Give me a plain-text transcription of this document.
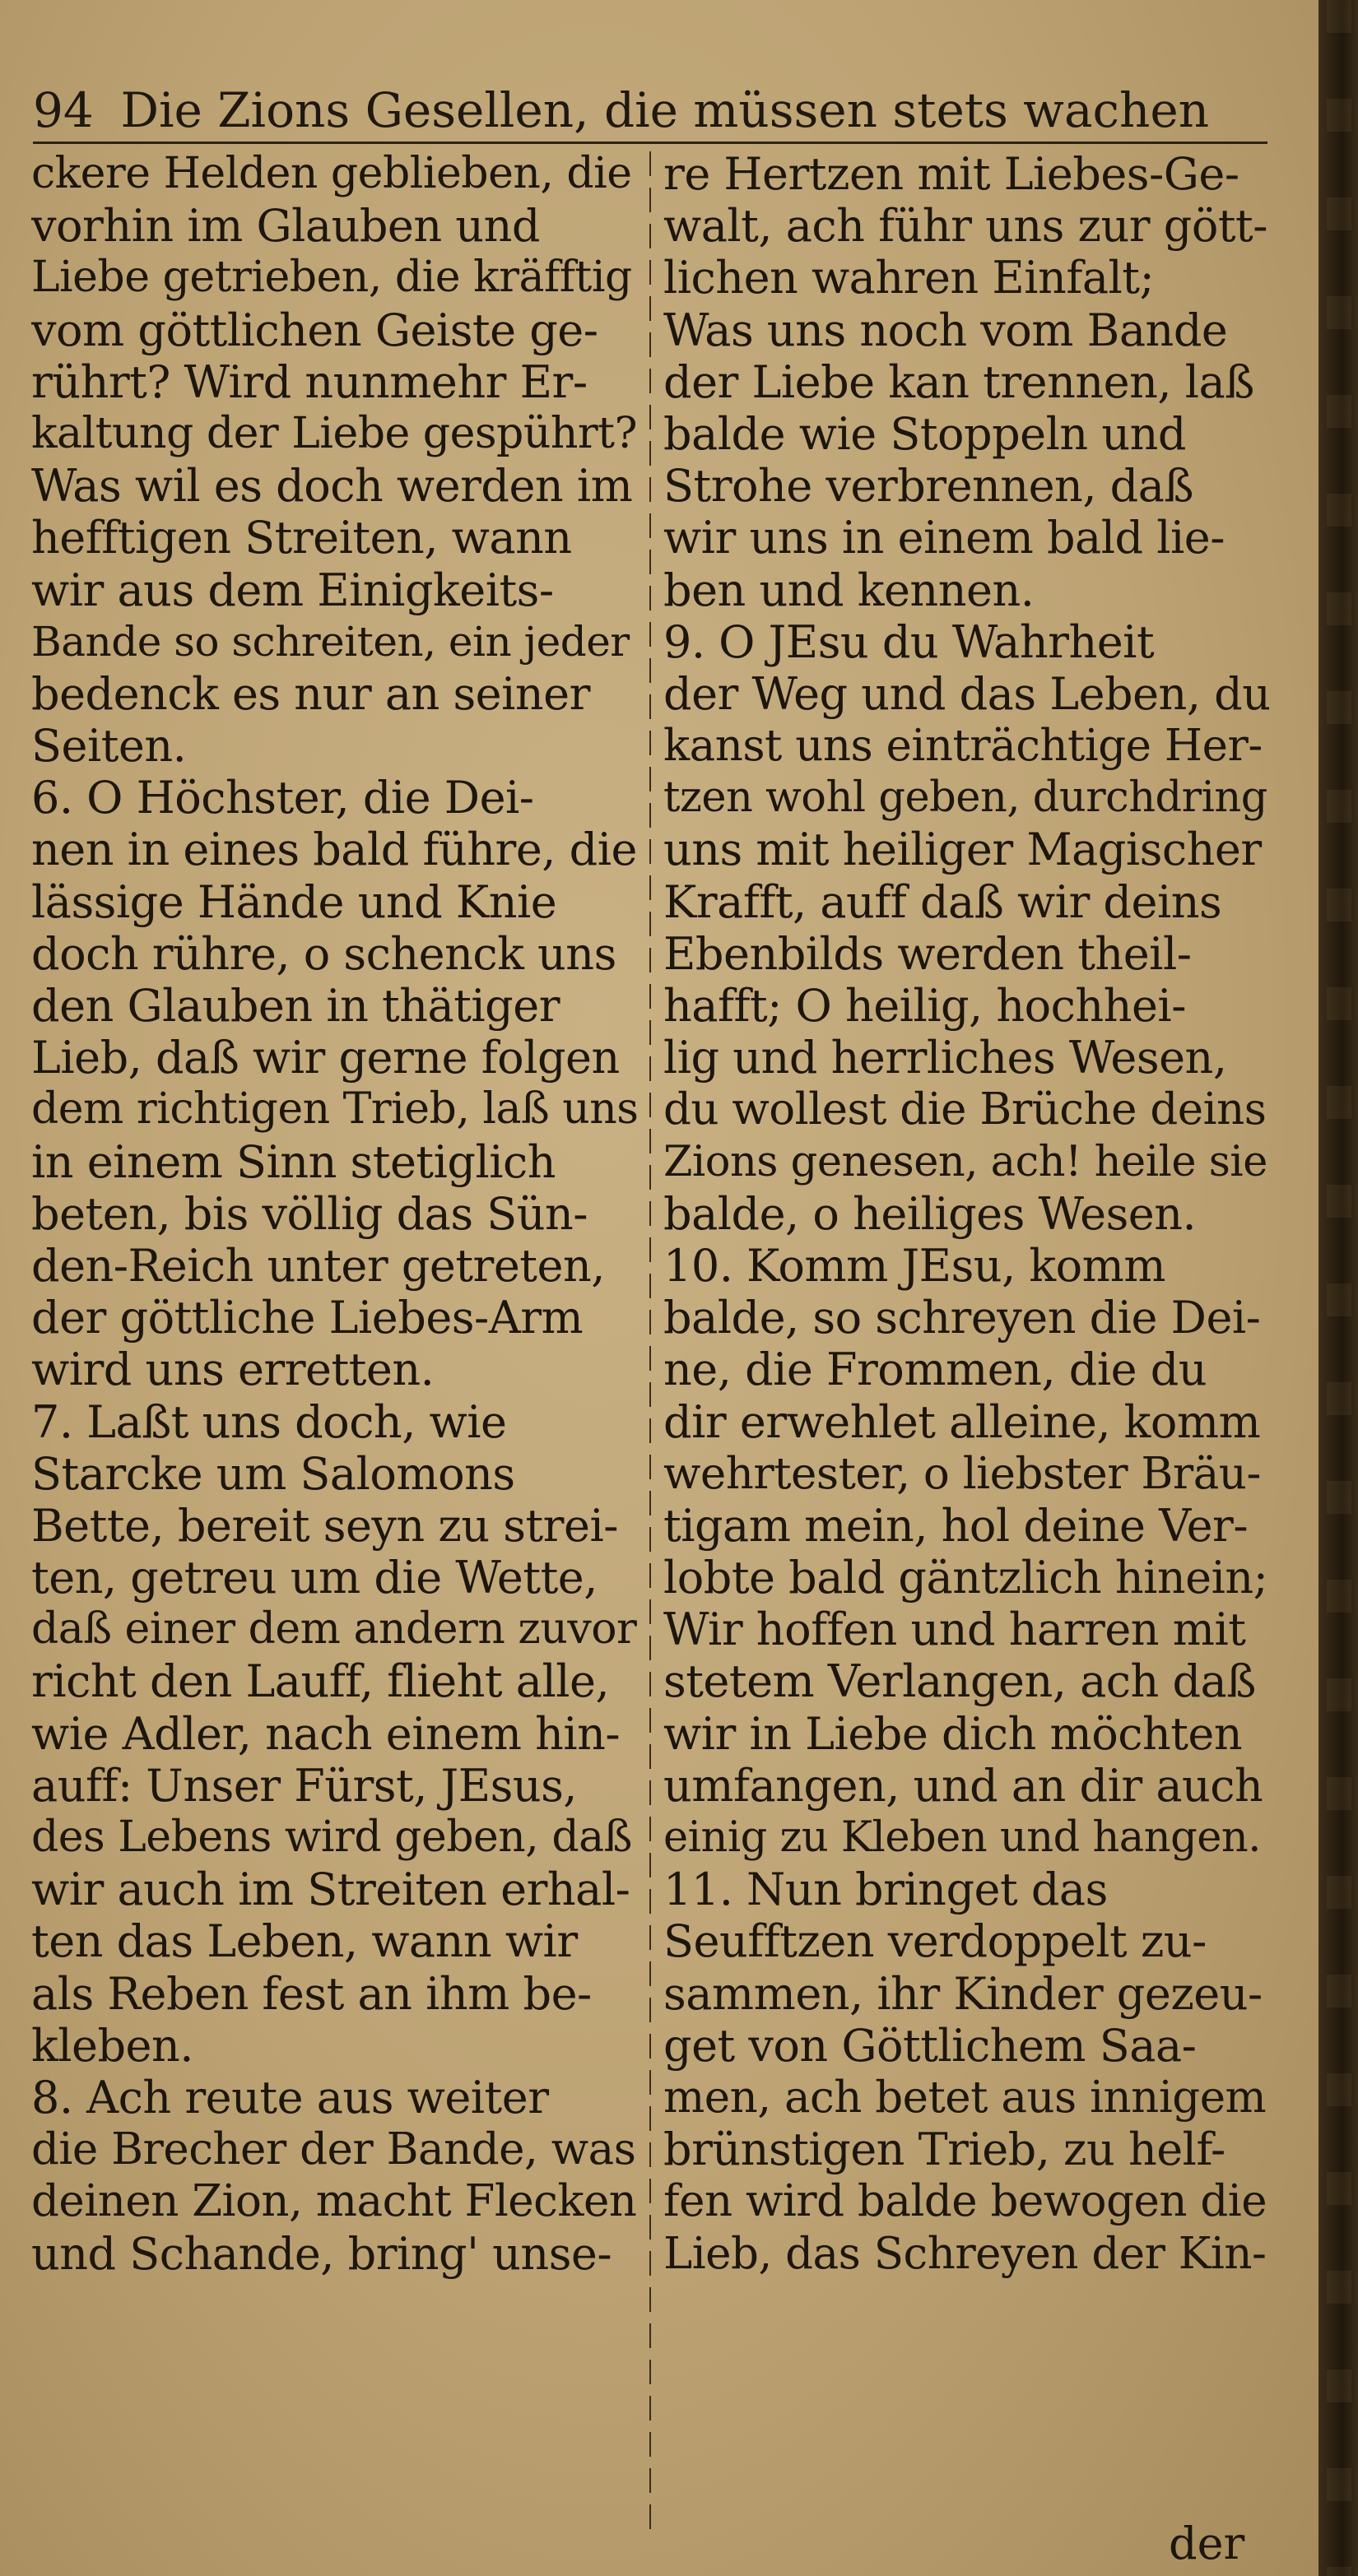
94 Die Zions Gesellen, die müssen stets wachen
ckere Helden geblieben, die
vorhin im Glauben und
Liebe getrieben, die kräfftig
vom göttlichen Geiste ge-
rührt? Wird nunmehr Er-
kaltung der Liebe gespührt?
Was wil es doch werden im
hefftigen Streiten, wann
wir aus dem Einigkeits-
Bande so schreiten, ein jeder
bedenck es nur an seiner
Seiten.
6. O Höchster, die Dei-
nen in eines bald führe, die
lässige Hände und Knie
doch rühre, o schenck uns
den Glauben in thätiger
Lieb, daß wir gerne folgen
dem richtigen Trieb, laß uns
in einem Sinn stetiglich
beten, bis völlig das Sün-
den-Reich unter getreten,
der göttliche Liebes-Arm
wird uns erretten.
7. Laßt uns doch, wie
Starcke um Salomons
Bette, bereit seyn zu strei-
ten, getreu um die Wette,
daß einer dem andern zuvor
richt den Lauff, flieht alle,
wie Adler, nach einem hin-
auff: Unser Fürst, JEsus,
des Lebens wird geben, daß
wir auch im Streiten erhal-
ten das Leben, wann wir
als Reben fest an ihm be-
kleben.
8. Ach reute aus weiter
die Brecher der Bande, was
deinen Zion, macht Flecken
und Schande, bring' unse-
re Hertzen mit Liebes-Ge-
walt, ach führ uns zur gött-
lichen wahren Einfalt;
Was uns noch vom Bande
der Liebe kan trennen, laß
balde wie Stoppeln und
Strohe verbrennen, daß
wir uns in einem bald lie-
ben und kennen.
9. O JEsu du Wahrheit
der Weg und das Leben, du
kanst uns einträchtige Her-
tzen wohl geben, durchdring
uns mit heiliger Magischer
Krafft, auff daß wir deins
Ebenbilds werden theil-
hafft; O heilig, hochhei-
lig und herrliches Wesen,
du wollest die Brüche deins
Zions genesen, ach! heile sie
balde, o heiliges Wesen.
10. Komm JEsu, komm
balde, so schreyen die Dei-
ne, die Frommen, die du
dir erwehlet alleine, komm
wehrtester, o liebster Bräu-
tigam mein, hol deine Ver-
lobte bald gäntzlich hinein;
Wir hoffen und harren mit
stetem Verlangen, ach daß
wir in Liebe dich möchten
umfangen, und an dir auch
einig zu Kleben und hangen.
11. Nun bringet das
Seufftzen verdoppelt zu-
sammen, ihr Kinder gezeu-
get von Göttlichem Saa-
men, ach betet aus innigem
brünstigen Trieb, zu helf-
fen wird balde bewogen die
Lieb, das Schreyen der Kin-
der
